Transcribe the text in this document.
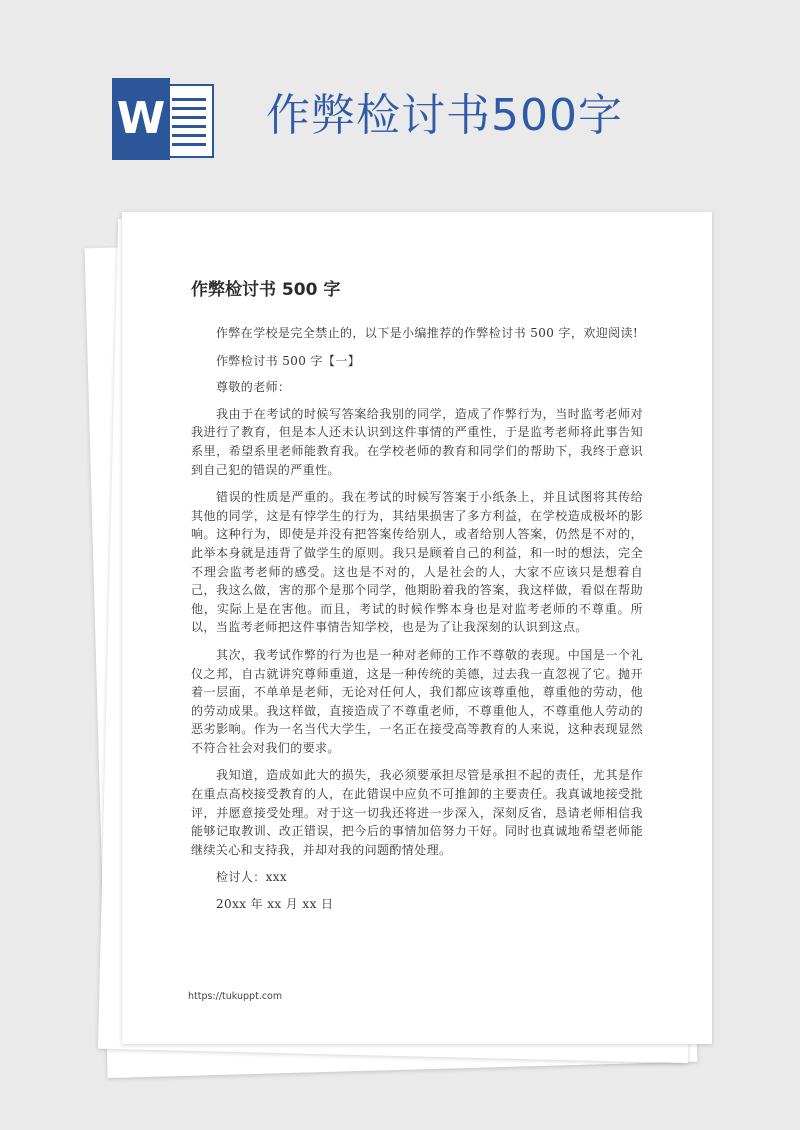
W 作弊检讨书500字
作弊检讨书 500 字

作弊在学校是完全禁止的，以下是小编推荐的作弊检讨书 500 字，欢迎阅读!

作弊检讨书 500 字【一】

尊敬的老师：

我由于在考试的时候写答案给我别的同学，造成了作弊行为，当时监考老师对我进行了教育，但是本人还未认识到这件事情的严重性，于是监考老师将此事告知系里，希望系里老师能教育我。在学校老师的教育和同学们的帮助下，我终于意识到自己犯的错误的严重性。

错误的性质是严重的。我在考试的时候写答案于小纸条上，并且试图将其传给其他的同学，这是有悖学生的行为，其结果损害了多方利益，在学校造成极坏的影响。这种行为，即使是并没有把答案传给别人，或者给别人答案，仍然是不对的，此举本身就是违背了做学生的原则。我只是顾着自己的利益，和一时的想法，完全不理会监考老师的感受。这也是不对的，人是社会的人，大家不应该只是想着自己，我这么做，害的那个是那个同学，他期盼着我的答案，我这样做，看似在帮助他，实际上是在害他。而且，考试的时候作弊本身也是对监考老师的不尊重。所以，当监考老师把这件事情告知学校，也是为了让我深刻的认识到这点。

其次，我考试作弊的行为也是一种对老师的工作不尊敬的表现。中国是一个礼仪之邦，自古就讲究尊师重道，这是一种传统的美德，过去我一直忽视了它。抛开着一层面，不单单是老师，无论对任何人，我们都应该尊重他，尊重他的劳动，他的劳动成果。我这样做，直接造成了不尊重老师，不尊重他人，不尊重他人劳动的恶劣影响。作为一名当代大学生，一名正在接受高等教育的人来说，这种表现显然不符合社会对我们的要求。

我知道，造成如此大的损失，我必须要承担尽管是承担不起的责任，尤其是作在重点高校接受教育的人，在此错误中应负不可推卸的主要责任。我真诚地接受批评，并愿意接受处理。对于这一切我还将进一步深入，深刻反省，恳请老师相信我能够记取教训、改正错误，把今后的事情加倍努力干好。同时也真诚地希望老师能继续关心和支持我，并却对我的问题酌情处理。

检讨人：xxx

20xx 年 xx 月 xx 日

https://tukuppt.com
